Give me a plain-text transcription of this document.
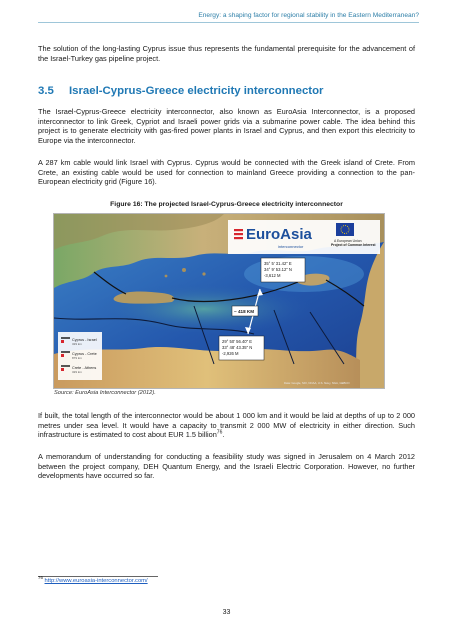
Energy: a shaping factor for regional stability in the Eastern Mediterranean?

The solution of the long-lasting Cyprus issue thus represents the fundamental prerequisite for the advancement of the Israel-Turkey gas pipeline project.

3.5 Israel-Cyprus-Greece electricity interconnector

The Israel-Cyprus-Greece electricity interconnector, also known as EuroAsia Interconnector, is a proposed interconnector to link Greek, Cypriot and Israeli power grids via a submarine power cable. The idea behind this project is to generate electricity with gas-fired power plants in Israel and Cyprus, and then export this electricity to Europe via the interconnector.

A 287 km cable would link Israel with Cyprus. Cyprus would be connected with the Greek island of Crete. From Crete, an existing cable would be used for connection to mainland Greece providing a connection to the pan-European electricity grid (Figure 16).

Figure 16: The projected Israel-Cyprus-Greece electricity interconnector

EuroAsia
interconnector
A European Union
Project of Common Interest
35° 5' 31.42" E
34° 9' 53.12" N
-3,612 M
~ 418 KM
29° 50' 56.40" E
33° 48' 43.35" N
-2,926 M
Cyprus - Israel
329 km
Cyprus - Crete
879 km
Crete - Athens
329 km
Data: Google, SIO, NOAA, U.S. Navy, NGA, GEBCO

Source: EuroAsia Interconnector (2012).

If built, the total length of the interconnector would be about 1 000 km and it would be laid at depths of up to 2 000 metres under sea level. It would have a capacity to transmit 2 000 MW of electricity in either direction. Such infrastructure is estimated to cost about EUR 1.5 billion$^{76}$.

A memorandum of understanding for conducting a feasibility study was signed in Jerusalem on 4 March 2012 between the project company, DEH Quantum Energy, and the Israeli Electric Corporation. However, no further developments have occurred so far.

$^{76}$ http://www.euroasia-interconnector.com/

33
